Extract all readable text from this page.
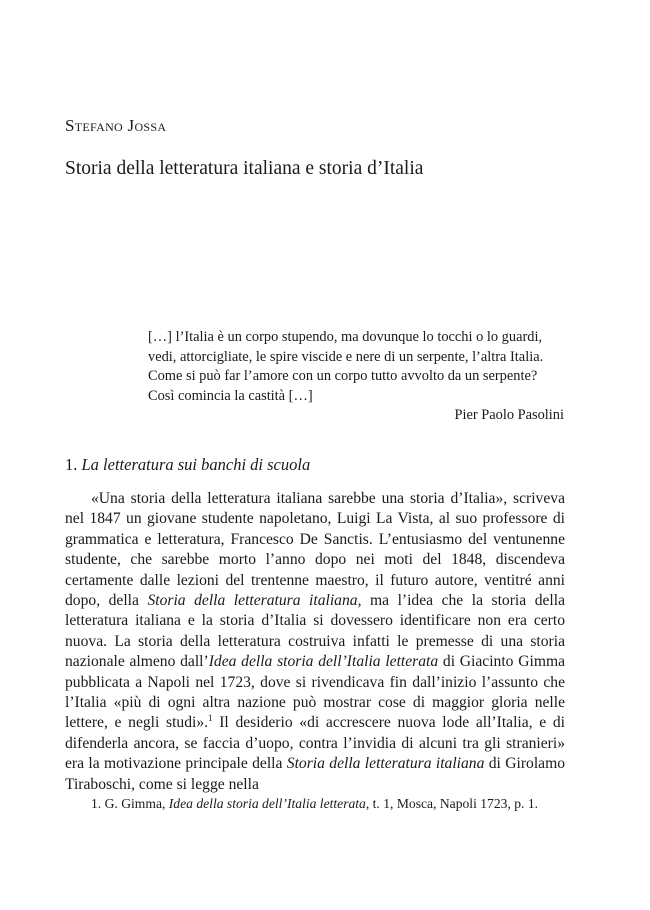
Stefano Jossa
Storia della letteratura italiana e storia d’Italia
[…] l’Italia è un corpo stupendo, ma dovunque lo tocchi o lo guardi,
vedi, attorcigliate, le spire viscide e nere di un serpente, l’altra Italia.
Come si può far l’amore con un corpo tutto avvolto da un serpente?
Così comincia la castità […]
Pier Paolo Pasolini
1. La letteratura sui banchi di scuola

«Una storia della letteratura italiana sarebbe una storia d’Italia», scriveva nel 1847 un giovane studente napoletano, Luigi La Vista, al suo professore di grammatica e letteratura, Francesco De Sanctis. L’entusiasmo del ventunenne studente, che sarebbe morto l’anno dopo nei moti del 1848, discendeva certamente dalle lezioni del trentenne maestro, il futuro autore, ventitré anni dopo, della Storia della letteratura italiana, ma l’idea che la storia della letteratura italiana e la storia d’Italia si dovessero identificare non era certo nuova. La storia della letteratura costruiva infatti le premesse di una storia nazionale almeno dall’Idea della storia dell’Italia letterata di Giacinto Gimma pubblicata a Napoli nel 1723, dove si rivendicava fin dall’inizio l’assunto che l’Italia «più di ogni altra nazione può mostrar cose di maggior gloria nelle lettere, e negli studi».$^1$ Il desiderio «di accrescere nuova lode all’Italia, e di difenderla ancora, se faccia d’uopo, contra l’invidia di alcuni tra gli stranieri» era la motivazione principale della Storia della letteratura italiana di Girolamo Tiraboschi, come si legge nella

1. G. Gimma, Idea della storia dell’Italia letterata, t. 1, Mosca, Napoli 1723, p. 1.
